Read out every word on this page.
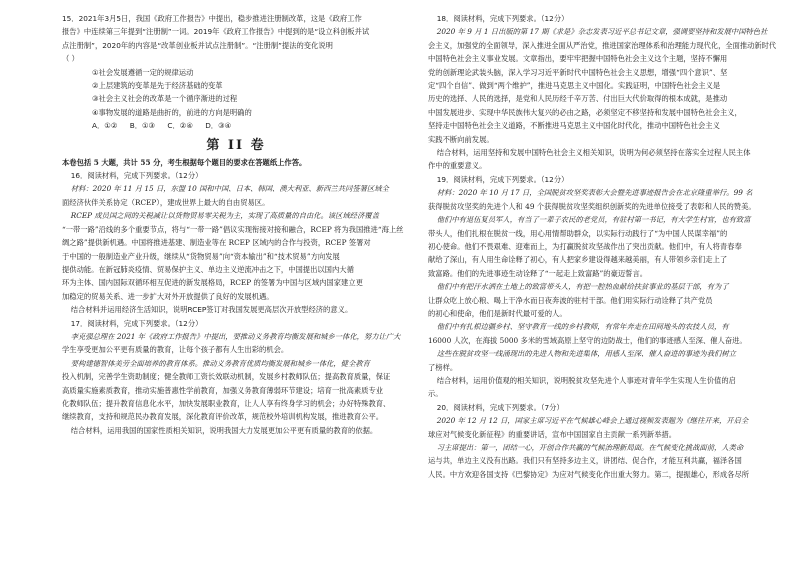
15．2021年3月5日，我国《政府工作报告》中提出，稳步推进注册制改革，这是《政府工作

报告》中连续第三年提到“注册制”一词。2019年《政府工作报告》中提到的是“设立科创板并试

点注册制”，2020年的内容是“改革创业板并试点注册制”。“注册制”提法的变化说明

（ ）

①社会发展遵循一定的规律运动

②上层建筑的变革是先于经济基础的变革

③社会主义社会的改革是一个循序渐进的过程

④事物发展的道路是曲折的，前进的方向是明确的

A．①② B．①③ C．②④ D．③④

第 II 卷

本卷包括 5 大题，共计 55 分，考生根据每个题目的要求在答题纸上作答。

16．阅读材料，完成下列要求。（12分）

材料：2020 年 11 月 15 日，东盟 10 国和中国、日本、韩国、澳大利亚、新西兰共同签署区域全

面经济伙伴关系协定（RCEP），建成世界上最大的自由贸易区。

RCEP 成员国之间的关税减让以货物贸易零关税为主，实现了高质量的自由化。该区域经济覆盖

“一带一路”沿线的多个重要节点，将与“一带一路”倡议实现衔接对接和融合，RCEP 将为我国推进“海上丝

绸之路”提供新机遇。中国将推进基建、制造业等在 RCEP 区域内的合作与投资，RCEP 签署对

于中国的一般制造业产业升级，继续从“货物贸易”向“资本输出”和“技术贸易”方向发展

提供动能。在新冠肺炎疫情、贸易保护主义、单边主义逆流冲击之下，中国提出以国内大循

环为主体、国内国际双循环相互促进的新发展格局，RCEP 的签署为中国与区域内国家建立更

加稳定的贸易关系、进一步扩大对外开放提供了良好的发展机遇。

结合材料并运用经济生活知识，说明RCEP签订对我国发展更高层次开放型经济的意义。

17．阅读材料，完成下列要求。（12分）

李克强总理在 2021 年《政府工作报告》中提出，要推动义务教育均衡发展和城乡一体化，努力让广大

学生享受更加公平更有质量的教育，让每个孩子都有人生出彩的机会。

要构建德智体美劳全面培养的教育体系。推动义务教育优质均衡发展和城乡一体化，健全教育

投入机制，完善学生资助制度；健全教师工资长效联动机制，发展乡村教师队伍；提高教育质量，保证

高质量实施素质教育，推动实施普惠性学前教育，加强义务教育薄弱环节建设；培育一批高素质专业

化教师队伍；提升教育信息化水平，加快发展职业教育，让人人享有终身学习的机会；办好特殊教育、

继续教育，支持和规范民办教育发展，深化教育评价改革，规范校外培训机构发展，推进教育公平。

结合材料，运用我国的国家性质相关知识，说明我国大力发展更加公平更有质量的教育的依据。

18．阅读材料，完成下列要求。（12分）

2020 年 9 月 1 日出版的第 17 期《求是》杂志发表习近平总书记文章，强调要坚持和发展中国特色社

会主义，加强党的全面领导，深入推进全面从严治党，推进国家治理体系和治理能力现代化，全面推动新时代

中国特色社会主义事业发展。文章指出，要牢牢把握中国特色社会主义这个主题，坚持不懈用

党的创新理论武装头脑，深入学习习近平新时代中国特色社会主义思想，增强“四个意识”、坚

定“四个自信”、做到“两个维护”，推进马克思主义中国化。实践证明，中国特色社会主义是

历史的选择、人民的选择，是党和人民历经千辛万苦、付出巨大代价取得的根本成就，是推动

中国发展进步、实现中华民族伟大复兴的必由之路，必须坚定不移坚持和发展中国特色社会主义，

坚持走中国特色社会主义道路，不断推进马克思主义中国化时代化，推动中国特色社会主义

实践不断向前发展。

结合材料，运用坚持和发展中国特色社会主义相关知识，说明为何必须坚持在落实全过程人民主体

作中的重要意义。

19．阅读材料，完成下列要求。（12分）

材料：2020 年 10 月 17 日，全国脱贫攻坚奖表彰大会暨先进事迹报告会在北京隆重举行。99 名

获得脱贫攻坚奖的先进个人和 49 个获得脱贫攻坚奖组织创新奖的先进单位接受了表彰和人民的赞美。

他们中有退伍复员军人，有当了一辈子农民的老党员，有驻村第一书记，有大学生村官，也有致富

带头人，他们扎根在脱贫一线，用心用情帮助群众，以实际行动践行了“为中国人民谋幸福”的

初心使命。他们不畏艰难、迎难而上，为打赢脱贫攻坚战作出了突出贡献。他们中，有人将青春奉

献给了深山，有人用生命诠释了初心，有人把家乡建设得越来越美丽，有人带领乡亲们走上了

致富路。他们的先进事迹生动诠释了“一起走上致富路”的豪迈誓言。

他们中有把汗水洒在土地上的致富带头人，有把一腔热血献给扶贫事业的基层干部，有为了

让群众吃上放心粮、喝上干净水而日夜奔波的驻村干部。他们用实际行动诠释了共产党员

的初心和使命，他们是新时代最可爱的人。

他们中有扎根边疆乡村、坚守教育一线的乡村教师，有常年奔走在田间地头的农技人员，有

16000 人次，在海拔 5000 多米的雪域高原上坚守的边防战士，他们的事迹感人至深、催人奋进。

这些在脱贫攻坚一线涌现出的先进人物和先进集体，用感人至深、催人奋进的事迹为我们树立

了榜样。

结合材料，运用价值观的相关知识，说明脱贫攻坚先进个人事迹对青年学生实现人生价值的启

示。

20．阅读材料，完成下列要求。（7分）

2020 年 12 月 12 日，国家主席习近平在气候雄心峰会上通过视频发表题为《继往开来，开启全

球应对气候变化新征程》的重要讲话，宣布中国国家自主贡献一系列新举措。

习主席提出：第一，团结一心，开创合作共赢的气候治理新局面。在气候变化挑战面前，人类命

运与共，单边主义没有出路。我们只有坚持多边主义，讲团结、促合作，才能互利共赢，福泽各国

人民。中方欢迎各国支持《巴黎协定》为应对气候变化作出重大努力。第二，提振雄心，形成各尽所
